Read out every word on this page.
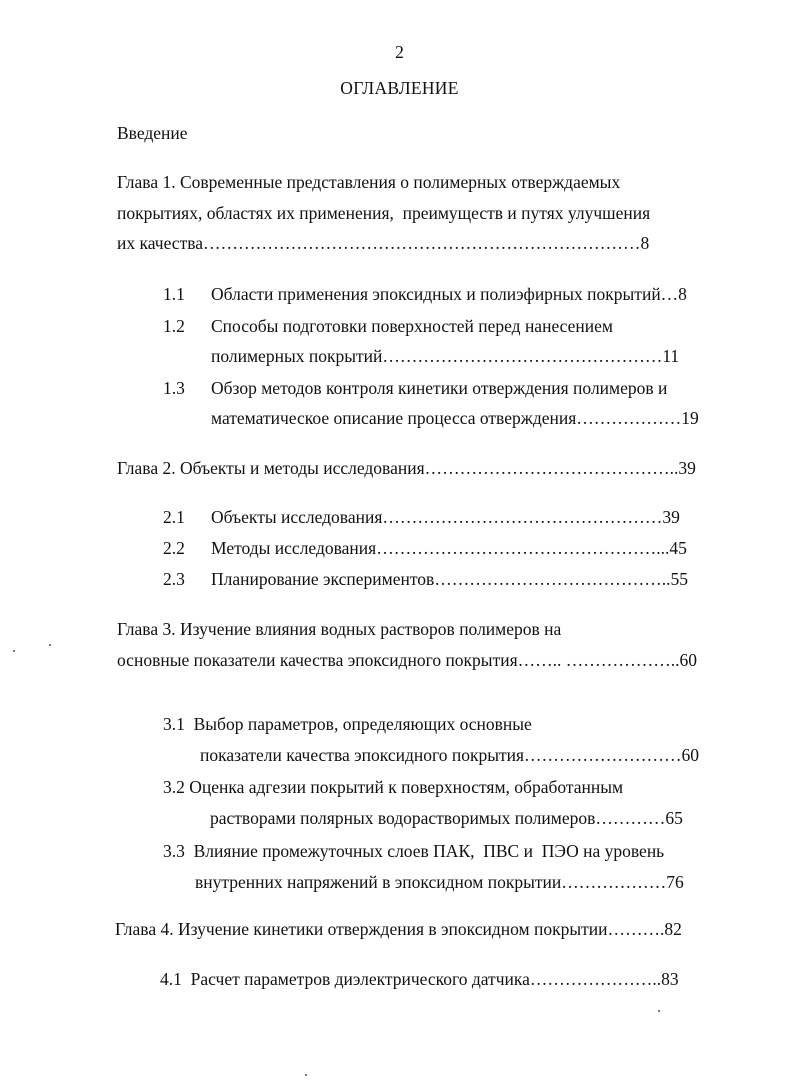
2
ОГЛАВЛЕНИЕ
Введение
Глава 1. Современные представления о полимерных отверждаемых
покрытиях, областях их применения,  преимуществ и путях улучшения
их качества…………………………………………………………………8
1.1 Области применения эпоксидных и полиэфирных покрытий…8
1.2 Способы подготовки поверхностей перед нанесением
полимерных покрытий…………………………………………11
1.3 Обзор методов контроля кинетики отверждения полимеров и
математическое описание процесса отверждения………………19
Глава 2. Объекты и методы исследования……………………………………..39
2.1 Объекты исследования…………………………………………39
2.2 Методы исследования…………………………………………...45
2.3 Планирование экспериментов…………………………………..55
Глава 3. Изучение влияния водных растворов полимеров на
основные показатели качества эпоксидного покрытия…….. ………………..60
3.1  Выбор параметров, определяющих основные
показатели качества эпоксидного покрытия………………………60
3.2 Оценка адгезии покрытий к поверхностям, обработанным
растворами полярных водорастворимых полимеров…………65
3.3  Влияние промежуточных слоев ПАК,  ПВС и  ПЭО на уровень
внутренних напряжений в эпоксидном покрытии………………76
Глава 4. Изучение кинетики отверждения в эпоксидном покрытии……….82
4.1  Расчет параметров диэлектрического датчика…………………..83
